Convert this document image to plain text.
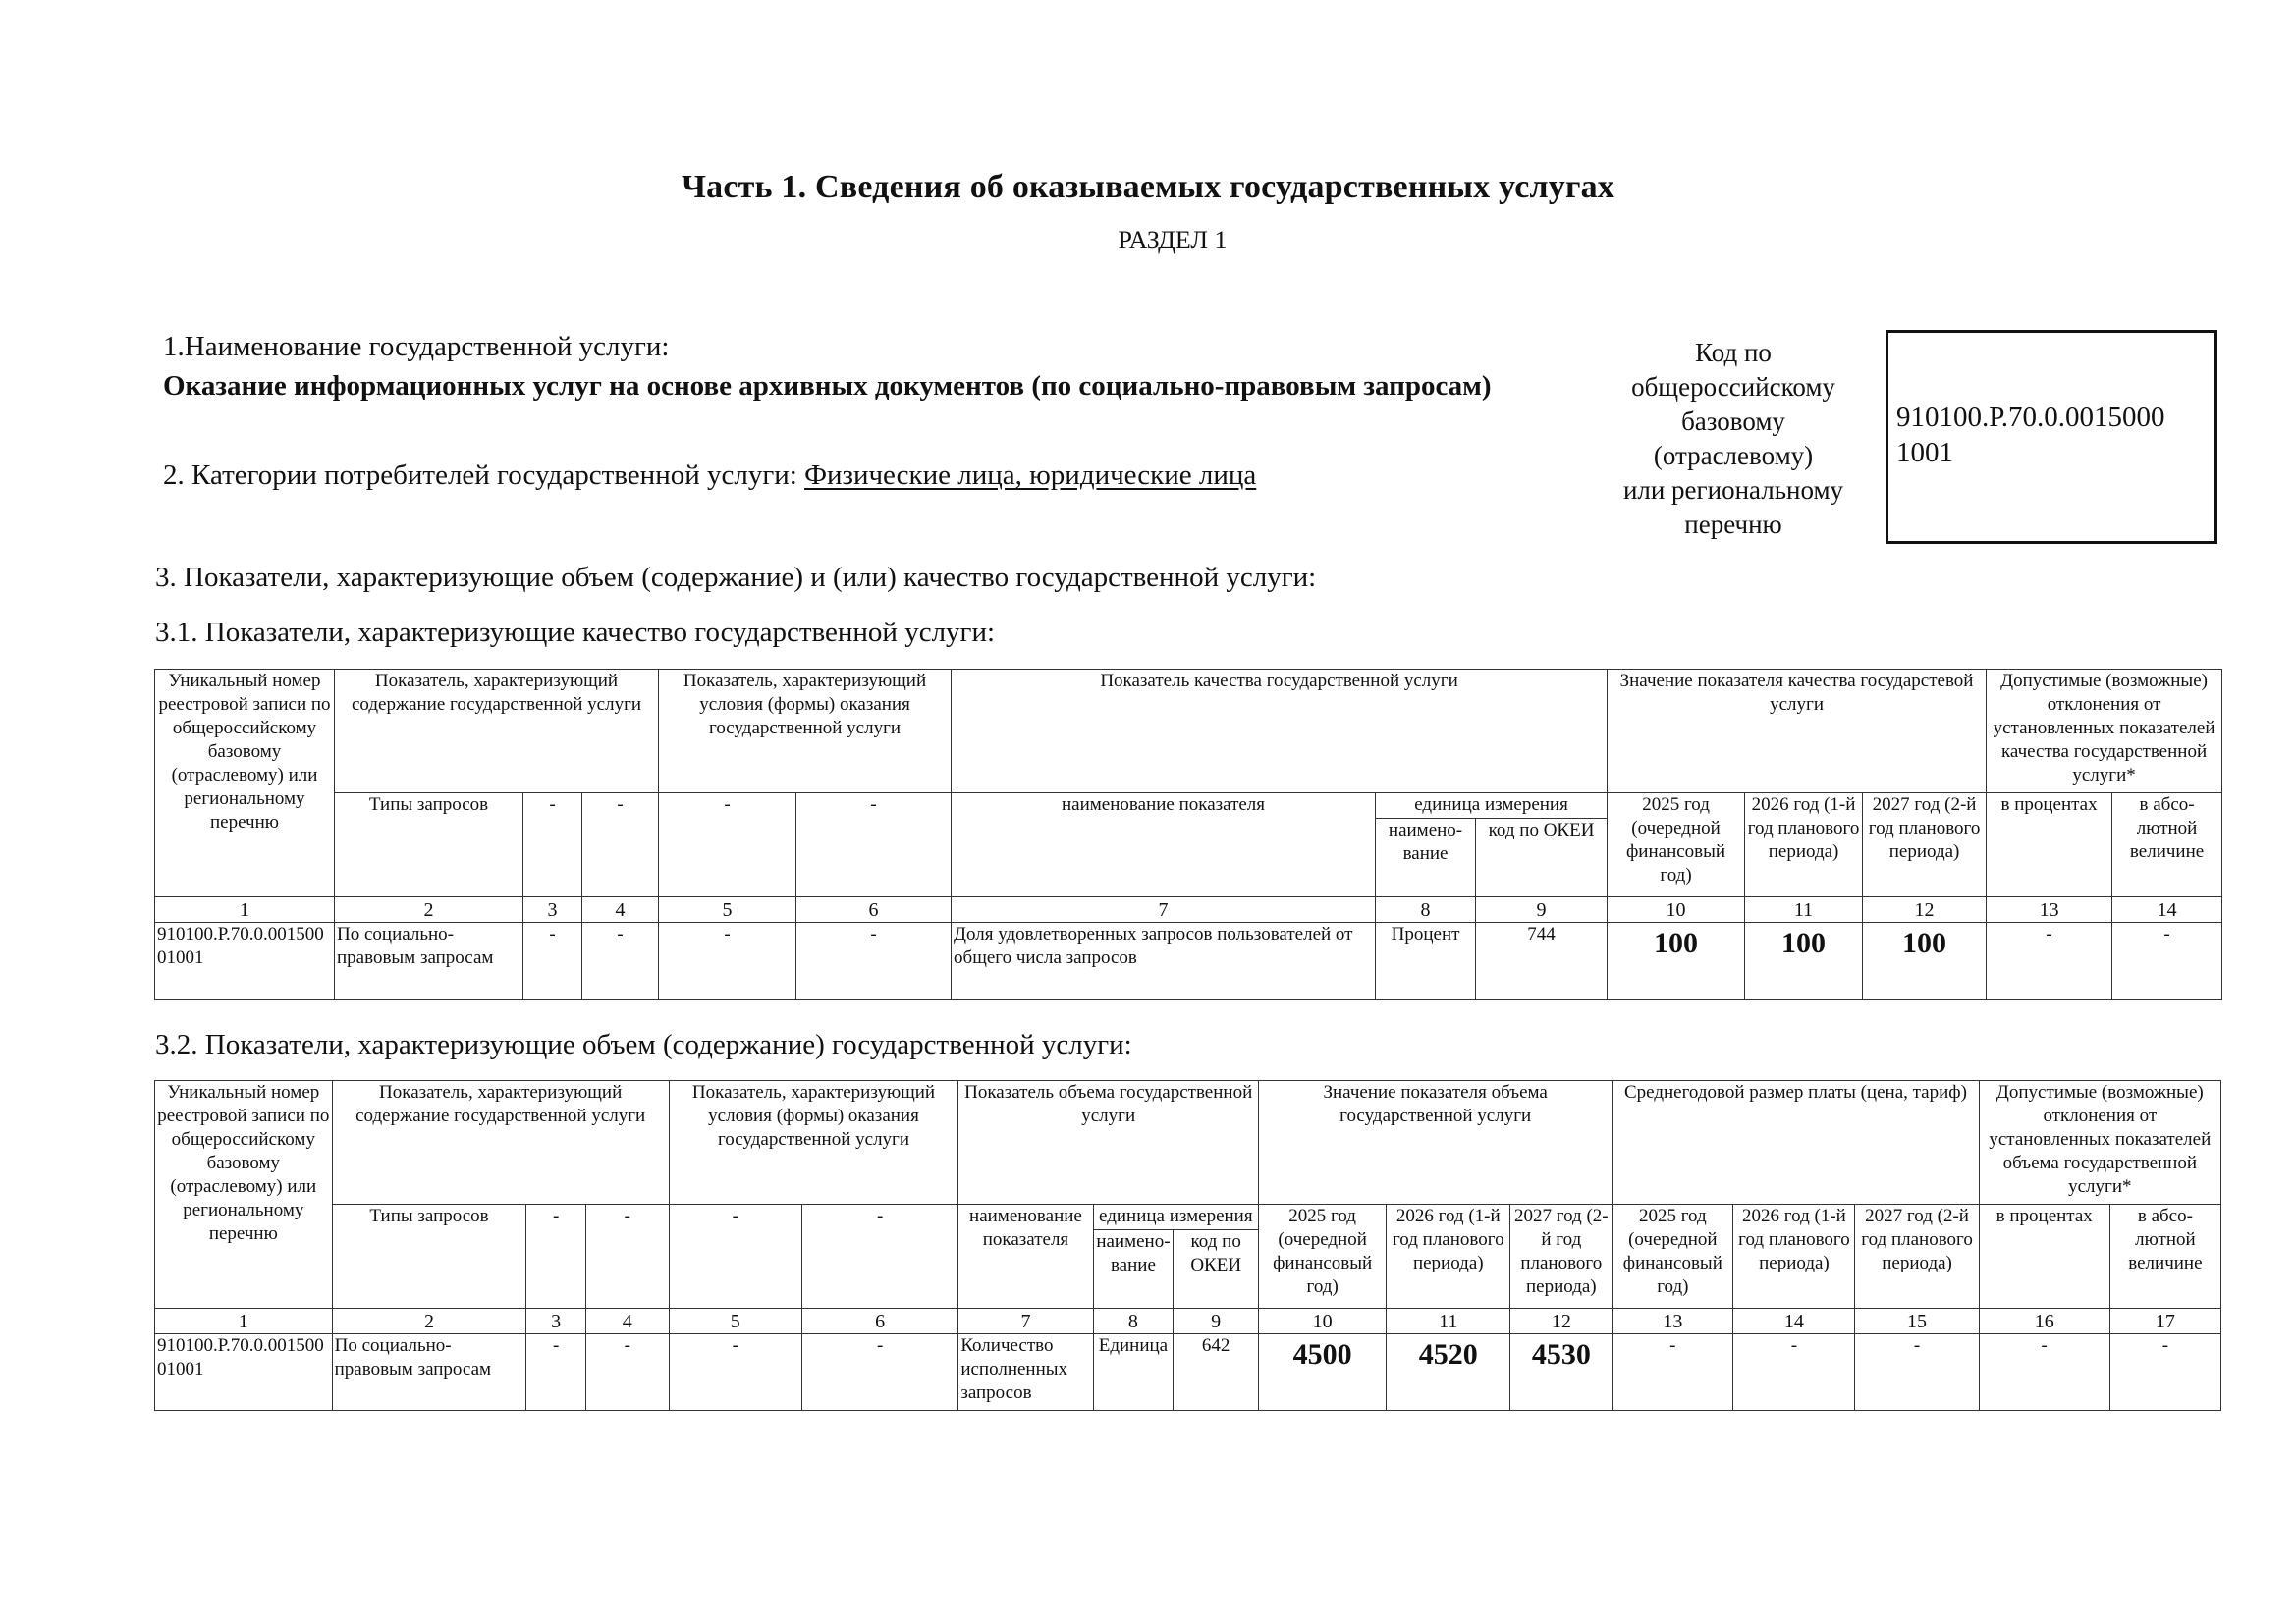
Часть 1. Сведения об оказываемых государственных услугах
РАЗДЕЛ 1
1.Наименование государственной услуги:
Оказание информационных услуг на основе архивных документов (по социально-правовым запросам)
2. Категории потребителей государственной услуги: Физические лица, юридические лица
Код по
общероссийскому
базовому
(отраслевому)
или региональному
перечню
910100.Р.70.0.0015000
1001
3. Показатели, характеризующие объем (содержание) и (или) качество государственной услуги:
3.1. Показатели, характеризующие качество государственной услуги:
Уникальный номер реестровой записи по общероссийскому базовому (отраслевому) или региональному перечню	Показатель, характеризующий содержание государственной услуги			Показатель, характеризующий условия (формы) оказания государственной услуги		Показатель качества государственной услуги			Значение показателя качества государстевой услуги			Допустимые (возможные) отклонения от установленных показателей качества государственной услуги*	
	Типы запросов	-	-	-	-	наименование показателя	единица измерения		2025 год (очередной финансовый год)	2026 год (1-й год планового периода)	2027 год (2-й год планового периода)	в процентах	в абсо-лютной величине
							наимено-вание	код по ОКЕИ					
1	2	3	4	5	6	7	8	9	10	11	12	13	14
910100.Р.70.0.00150001001	По социально-правовым запросам	-	-	-	-	Доля удовлетворенных запросов пользователей от общего числа запросов	Процент	744	100	100	100	-	-
3.2. Показатели, характеризующие объем (содержание) государственной услуги:
Уникальный номер реестровой записи по общероссийскому базовому (отраслевому) или региональному перечню	Показатель, характеризующий содержание государственной услуги			Показатель, характеризующий условия (формы) оказания государственной услуги		Показатель объема государственной услуги			Значение показателя объема государственной услуги			Среднегодовой размер платы (цена, тариф)			Допустимые (возможные) отклонения от установленных показателей объема государственной услуги*	
	Типы запросов	-	-	-	-	наименование показателя	единица измерения		2025 год (очередной финансовый год)	2026 год (1-й год планового периода)	2027 год (2-й год планового периода)	2025 год (очередной финансовый год)	2026 год (1-й год планового периода)	2027 год (2-й год планового периода)	в процентах	в абсо-лютной величине
							наимено-вание	код по ОКЕИ								
1	2	3	4	5	6	7	8	9	10	11	12	13	14	15	16	17
910100.Р.70.0.00150001001	По социально-правовым запросам	-	-	-	-	Количество исполненных запросов	Единица	642	4500	4520	4530	-	-	-	-	-
